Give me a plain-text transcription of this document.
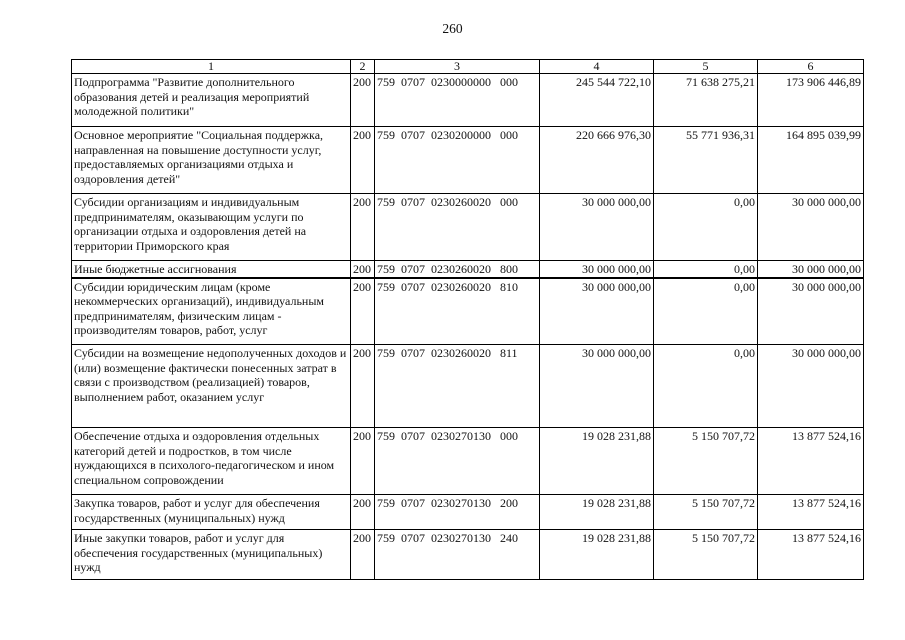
260
1	2	3	4	5	6
Подпрограмма "Развитие дополнительного образования детей и реализация мероприятий молодежной политики"	200	759  0707  0230000000   000	245 544 722,10	71 638 275,21	173 906 446,89
Основное мероприятие "Социальная поддержка, направленная на повышение доступности услуг, предоставляемых организациями отдыха и оздоровления детей"	200	759  0707  0230200000   000	220 666 976,30	55 771 936,31	164 895 039,99
Субсидии организациям и индивидуальным предпринимателям, оказывающим услуги по организации отдыха и оздоровления детей на территории Приморского края	200	759  0707  0230260020   000	30 000 000,00	0,00	30 000 000,00
Иные бюджетные ассигнования	200	759  0707  0230260020   800	30 000 000,00	0,00	30 000 000,00
Субсидии юридическим лицам (кроме некоммерческих организаций), индивидуальным предпринимателям, физическим лицам - производителям товаров, работ, услуг	200	759  0707  0230260020   810	30 000 000,00	0,00	30 000 000,00
Субсидии на возмещение недополученных доходов и (или) возмещение фактически понесенных затрат в связи с производством (реализацией) товаров, выполнением работ, оказанием услуг	200	759  0707  0230260020   811	30 000 000,00	0,00	30 000 000,00
Обеспечение отдыха и оздоровления отдельных категорий детей и подростков, в том числе нуждающихся в психолого-педагогическом и ином специальном сопровождении	200	759  0707  0230270130   000	19 028 231,88	5 150 707,72	13 877 524,16
Закупка товаров, работ и услуг для обеспечения государственных (муниципальных) нужд	200	759  0707  0230270130   200	19 028 231,88	5 150 707,72	13 877 524,16
Иные закупки товаров, работ и услуг для обеспечения государственных (муниципальных) нужд	200	759  0707  0230270130   240	19 028 231,88	5 150 707,72	13 877 524,16
